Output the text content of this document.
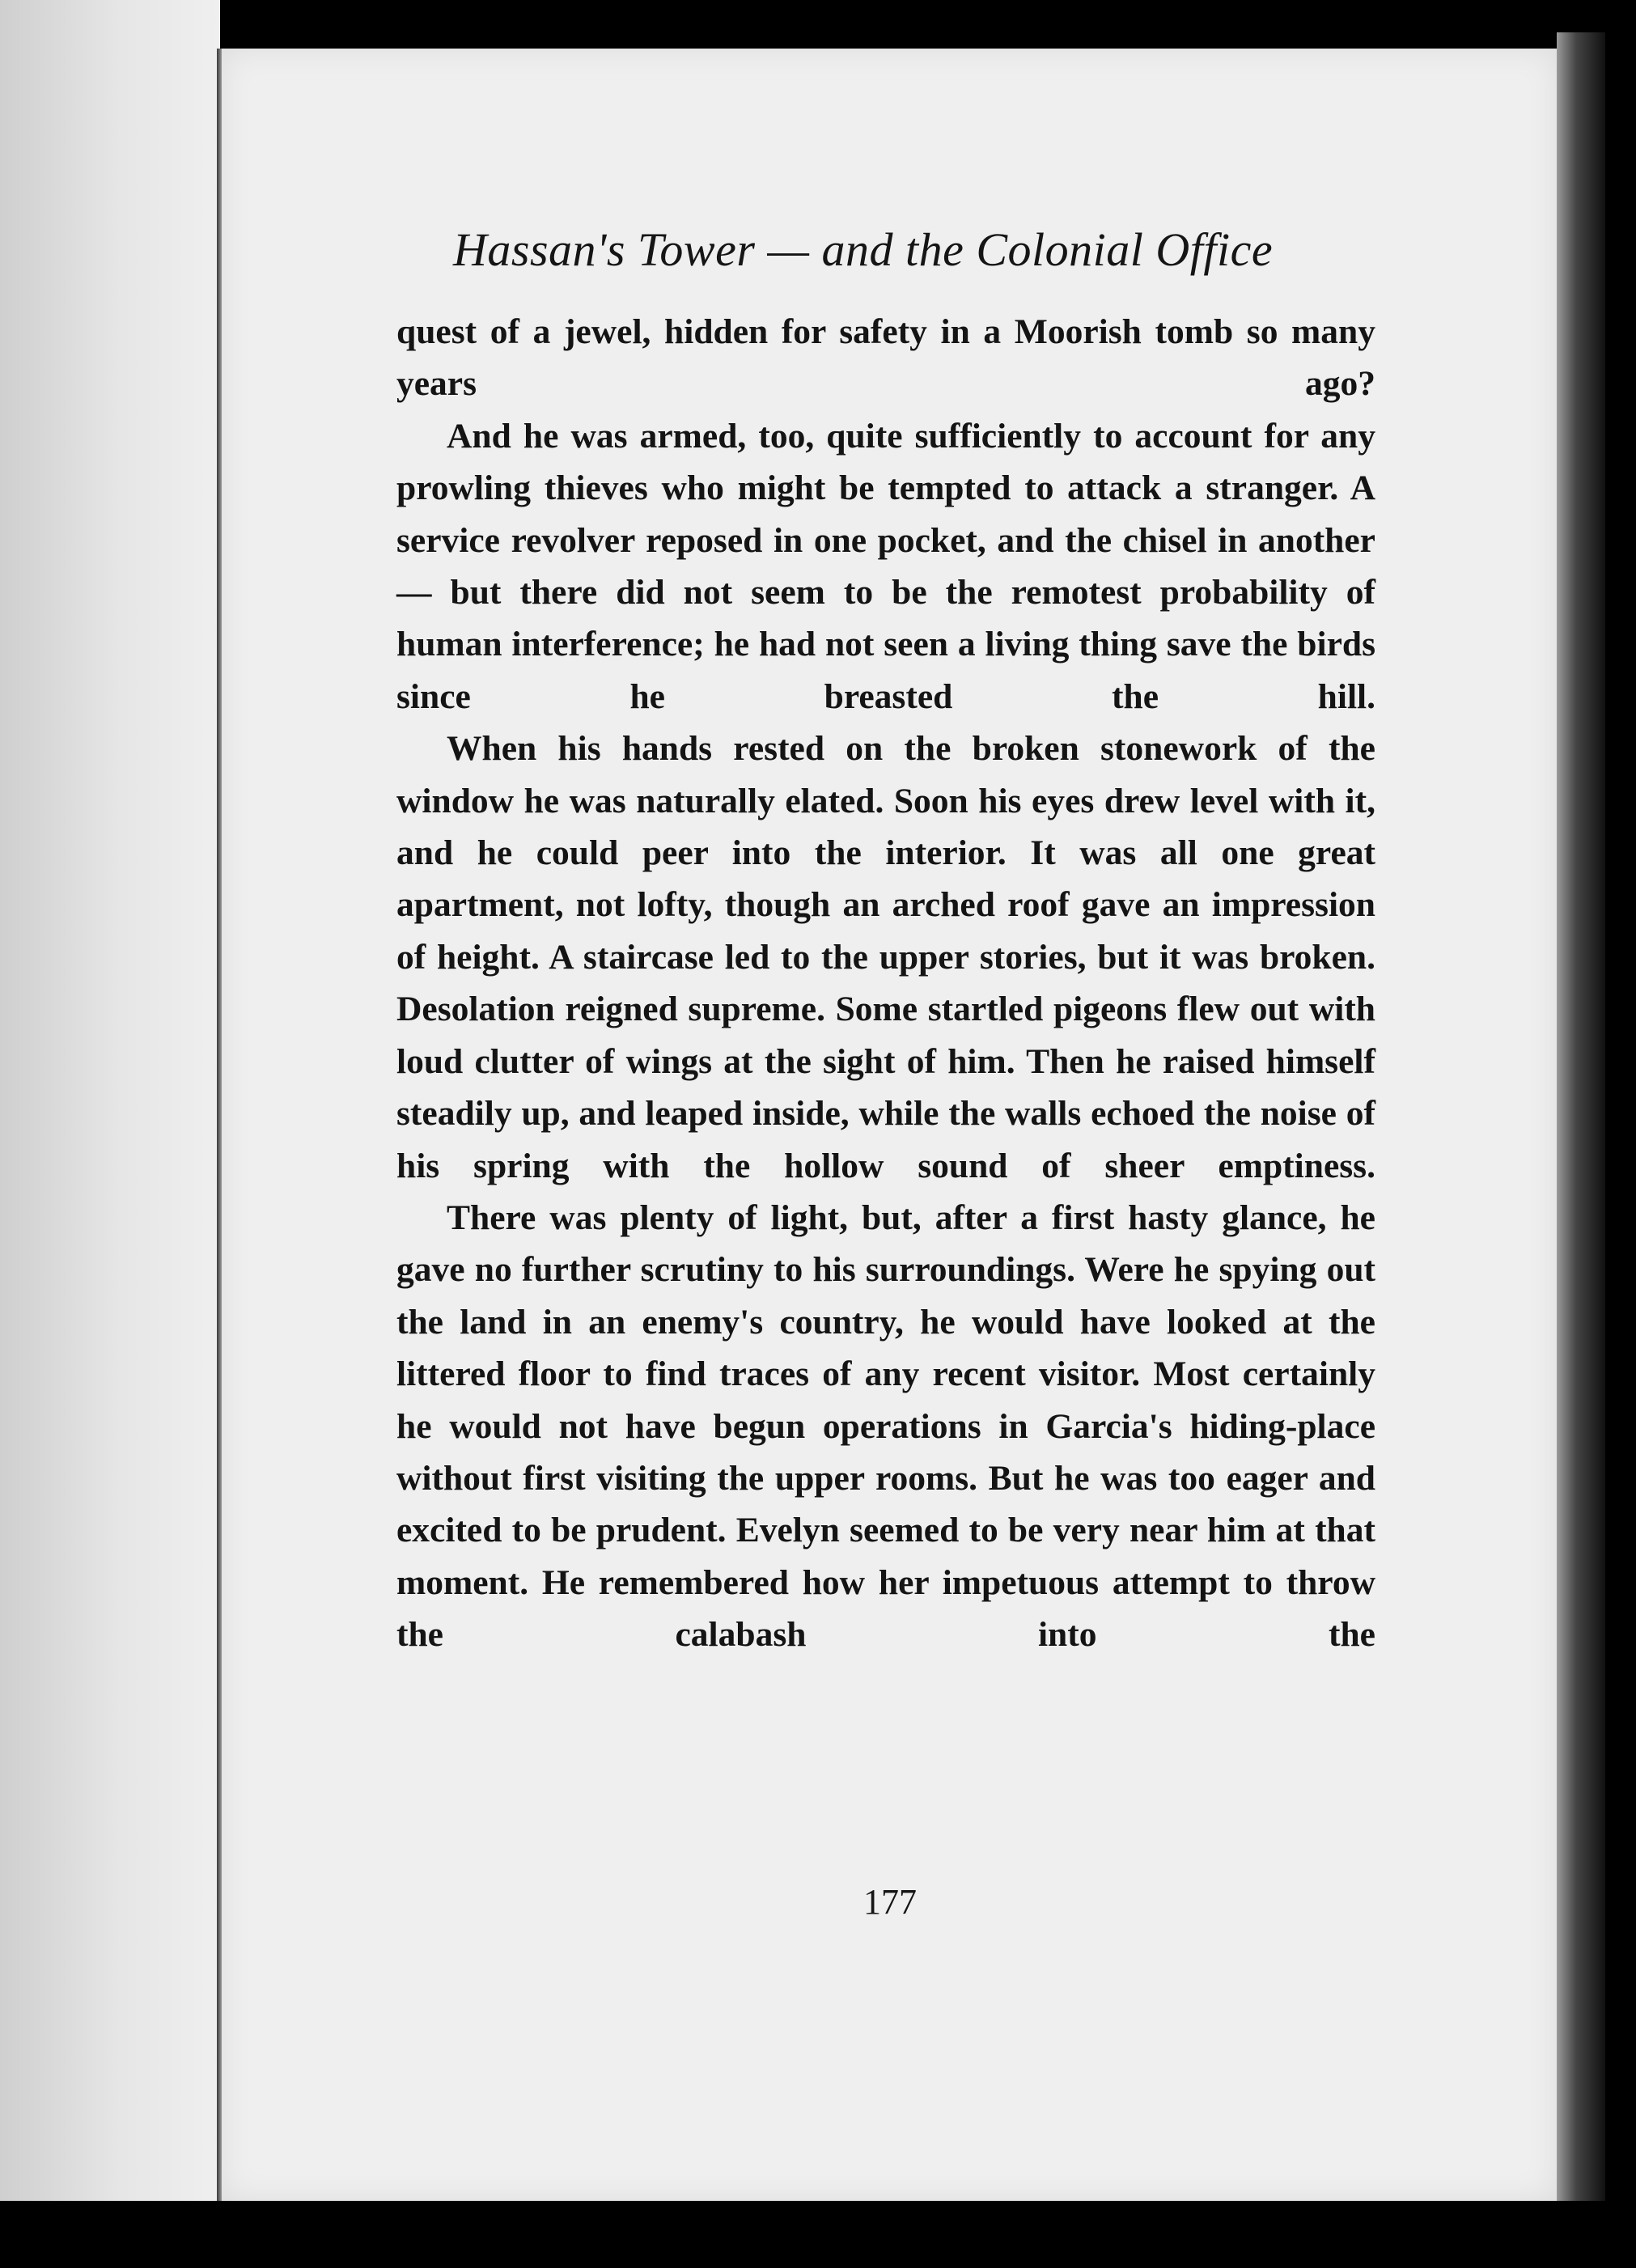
Hassan's Tower — and the Colonial Office

quest of a jewel, hidden for safety in a Moorish tomb so many years ago?

And he was armed, too, quite sufficiently to account for any prowling thieves who might be tempted to attack a stranger. A service revolver reposed in one pocket, and the chisel in another — but there did not seem to be the remotest probability of human interference; he had not seen a living thing save the birds since he breasted the hill.

When his hands rested on the broken stonework of the window he was naturally elated. Soon his eyes drew level with it, and he could peer into the interior. It was all one great apartment, not lofty, though an arched roof gave an impression of height. A staircase led to the upper stories, but it was broken. Desolation reigned supreme. Some startled pigeons flew out with loud clutter of wings at the sight of him. Then he raised himself steadily up, and leaped inside, while the walls echoed the noise of his spring with the hollow sound of sheer emptiness.

There was plenty of light, but, after a first hasty glance, he gave no further scrutiny to his surroundings. Were he spying out the land in an enemy's country, he would have looked at the littered floor to find traces of any recent visitor. Most certainly he would not have begun operations in Garcia's hiding-place without first visiting the upper rooms. But he was too eager and excited to be prudent. Evelyn seemed to be very near him at that moment. He remembered how her impetuous attempt to throw the calabash into the

177
